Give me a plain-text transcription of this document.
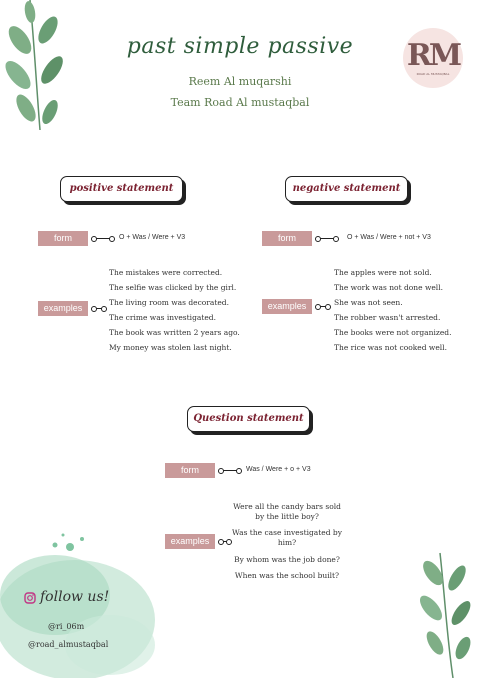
past simple passive
Reem Al muqarshi
Team Road Al mustaqbal
RM
ROAD AL MUSTAQBAL
positive statement
form	O + Was / Were + V3
examples
The mistakes were corrected.
The selfie was clicked by the girl.
The living room was decorated.
The crime was investigated.
The book was written 2 years ago.
My money was stolen last night.
negative statement
form	O + Was / Were + not + V3
examples
The apples were not sold.
The work was not done well.
She was not seen.
The robber wasn't arrested.
The books were not organized.
The rice was not cooked well.
Question statement
form	Was / Were + o + V3
examples
Were all the candy bars sold by the little boy?
Was the case investigated by him?
By whom was the job done?
When was the school built?
follow us!
@ri_06m
@road_almustaqbal
